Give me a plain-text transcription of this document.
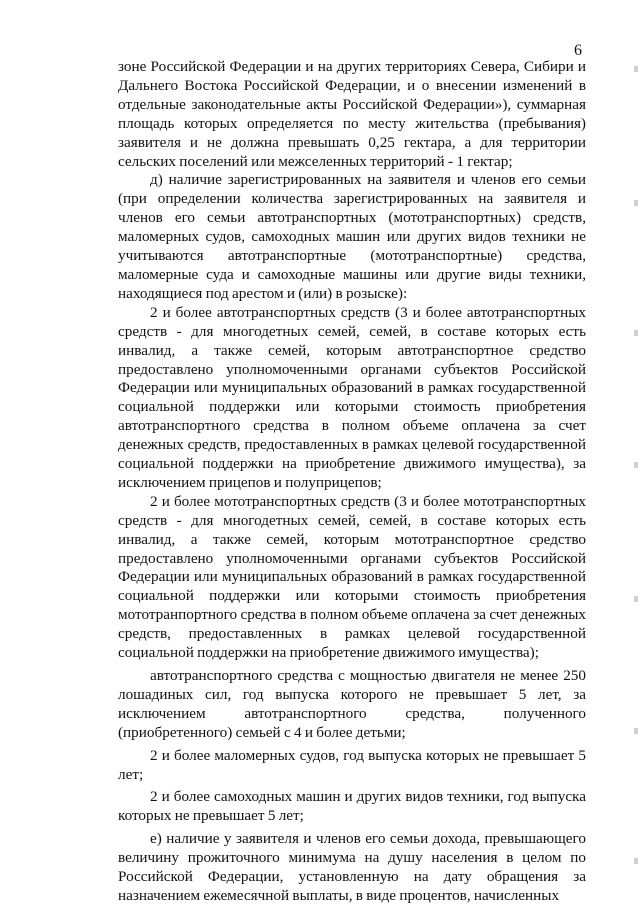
6

зоне Российской Федерации и на других территориях Севера, Сибири и Дальнего Востока Российской Федерации, и о внесении изменений в отдельные законодательные акты Российской Федерации»), суммарная площадь которых определяется по месту жительства (пребывания) заявителя и не должна превышать 0,25 гектара, а для территории сельских поселений или межселенных территорий - 1 гектар;

д) наличие зарегистрированных на заявителя и членов его семьи (при определении количества зарегистрированных на заявителя и членов его семьи автотранспортных (мототранспортных) средств, маломерных судов, самоходных машин или других видов техники не учитываются автотранспортные (мототранспортные) средства, маломерные суда и самоходные машины или другие виды техники, находящиеся под арестом и (или) в розыске):

2 и более автотранспортных средств (3 и более автотранспортных средств - для многодетных семей, семей, в составе которых есть инвалид, а также семей, которым автотранспортное средство предоставлено уполномоченными органами субъектов Российской Федерации или муниципальных образований в рамках государственной социальной поддержки или которыми стоимость приобретения автотранспортного средства в полном объеме оплачена за счет денежных средств, предоставленных в рамках целевой государственной социальной поддержки на приобретение движимого имущества), за исключением прицепов и полуприцепов;

2 и более мототранспортных средств (3 и более мототранспортных средств - для многодетных семей, семей, в составе которых есть инвалид, а также семей, которым мототранспортное средство предоставлено уполномоченными органами субъектов Российской Федерации или муниципальных образований в рамках государственной социальной поддержки или которыми стоимость приобретения мототранпортного средства в полном объеме оплачена за счет денежных средств, предоставленных в рамках целевой государственной социальной поддержки на приобретение движимого имущества);

автотранспортного средства с мощностью двигателя не менее 250 лошадиных сил, год выпуска которого не превышает 5 лет, за исключением автотранспортного средства, полученного (приобретенного) семьей с 4 и более детьми;

2 и более маломерных судов, год выпуска которых не превышает 5 лет;

2 и более самоходных машин и других видов техники, год выпуска которых не превышает 5 лет;

е) наличие у заявителя и членов его семьи дохода, превышающего величину прожиточного минимума на душу населения в целом по Российской Федерации, установленную на дату обращения за назначением ежемесячной выплаты, в виде процентов, начисленных
